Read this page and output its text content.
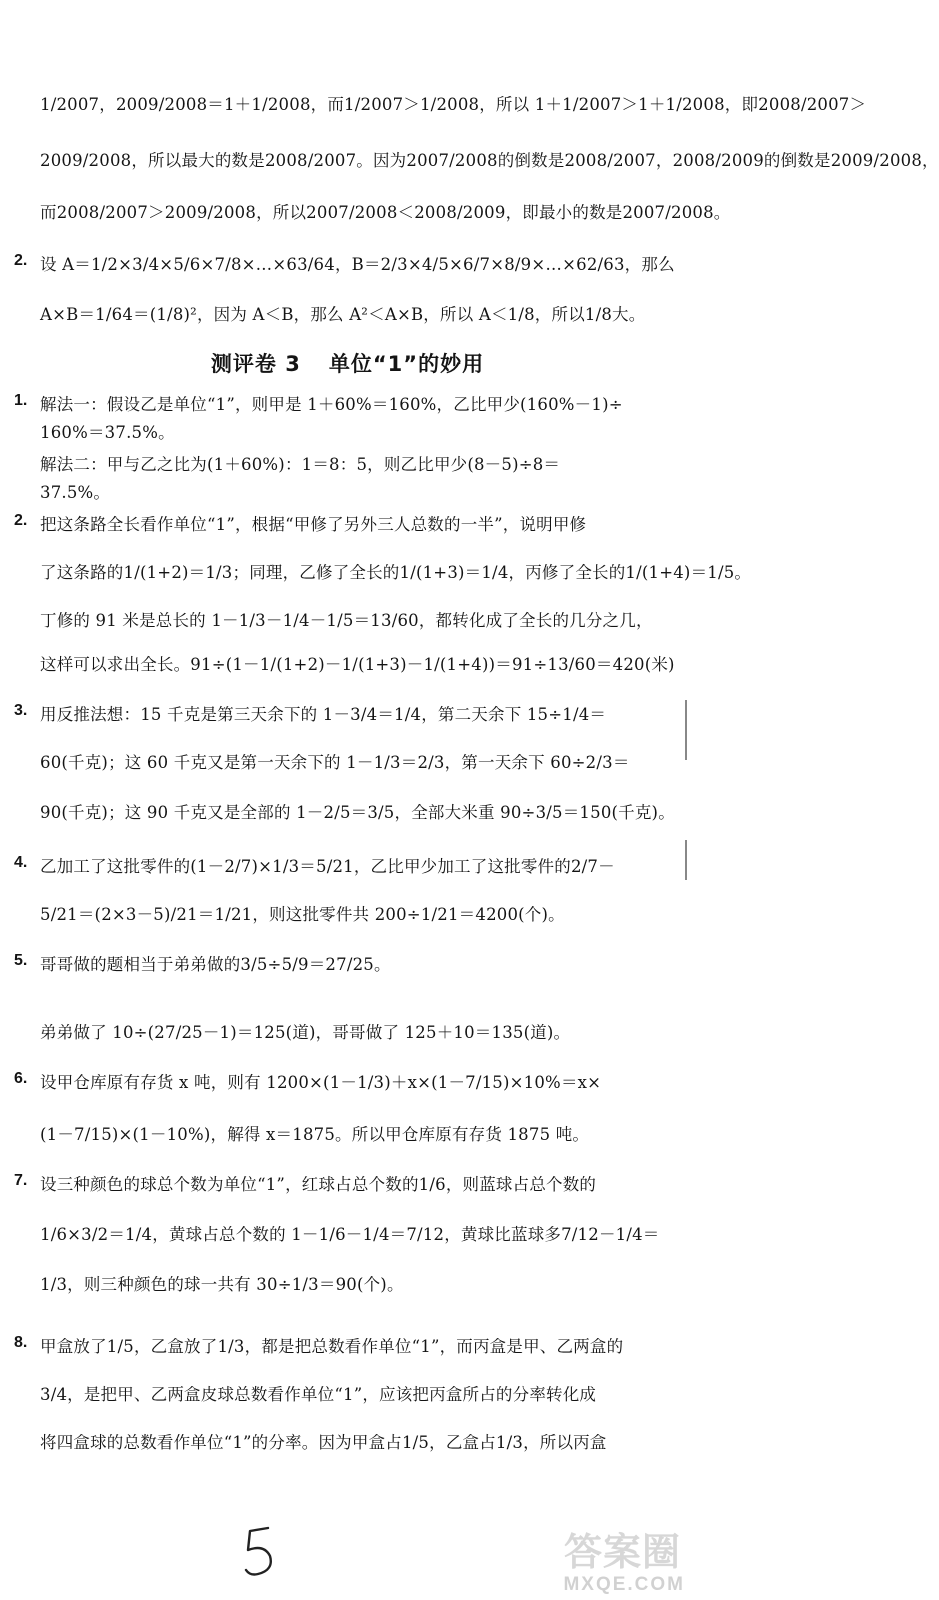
1/2007，2009/2008＝1＋1/2008，而1/2007＞1/2008，所以 1＋1/2007＞1＋1/2008，即2008/2007＞
2009/2008，所以最大的数是2008/2007。因为2007/2008的倒数是2008/2007，2008/2009的倒数是2009/2008，
而2008/2007＞2009/2008，所以2007/2008＜2008/2009，即最小的数是2007/2008。
2. 设 A＝1/2×3/4×5/6×7/8×…×63/64，B＝2/3×4/5×6/7×8/9×…×62/63，那么
A×B＝1/64＝(1/8)²，因为 A＜B，那么 A²＜A×B，所以 A＜1/8，所以1/8大。
测评卷 3 单位“1”的妙用
1. 解法一：假设乙是单位“1”，则甲是 1＋60%＝160%，乙比甲少(160%－1)÷
160%＝37.5%。
解法二：甲与乙之比为(1＋60%)：1＝8：5，则乙比甲少(8－5)÷8＝
37.5%。
2. 把这条路全长看作单位“1”，根据“甲修了另外三人总数的一半”，说明甲修
了这条路的1/(1+2)＝1/3；同理，乙修了全长的1/(1+3)＝1/4，丙修了全长的1/(1+4)＝1/5。
丁修的 91 米是总长的 1－1/3－1/4－1/5＝13/60，都转化成了全长的几分之几，
这样可以求出全长。91÷(1－1/(1+2)－1/(1+3)－1/(1+4))＝91÷13/60＝420(米)
3. 用反推法想：15 千克是第三天余下的 1－3/4＝1/4，第二天余下 15÷1/4＝
60(千克)；这 60 千克又是第一天余下的 1－1/3＝2/3，第一天余下 60÷2/3＝
90(千克)；这 90 千克又是全部的 1－2/5＝3/5，全部大米重 90÷3/5＝150(千克)。
4. 乙加工了这批零件的(1－2/7)×1/3＝5/21，乙比甲少加工了这批零件的2/7－
5/21＝(2×3－5)/21＝1/21，则这批零件共 200÷1/21＝4200(个)。
5. 哥哥做的题相当于弟弟做的3/5÷5/9＝27/25。
弟弟做了 10÷(27/25－1)＝125(道)，哥哥做了 125＋10＝135(道)。
6. 设甲仓库原有存货 x 吨，则有 1200×(1－1/3)＋x×(1－7/15)×10%＝x×
(1－7/15)×(1－10%)，解得 x＝1875。所以甲仓库原有存货 1875 吨。
7. 设三种颜色的球总个数为单位“1”，红球占总个数的1/6，则蓝球占总个数的
1/6×3/2＝1/4，黄球占总个数的 1－1/6－1/4＝7/12，黄球比蓝球多7/12－1/4＝
1/3，则三种颜色的球一共有 30÷1/3＝90(个)。
8. 甲盒放了1/5，乙盒放了1/3，都是把总数看作单位“1”，而丙盒是甲、乙两盒的
3/4，是把甲、乙两盒皮球总数看作单位“1”，应该把丙盒所占的分率转化成
将四盒球的总数看作单位“1”的分率。因为甲盒占1/5，乙盒占1/3，所以丙盒
答案圈
MXQE.COM
